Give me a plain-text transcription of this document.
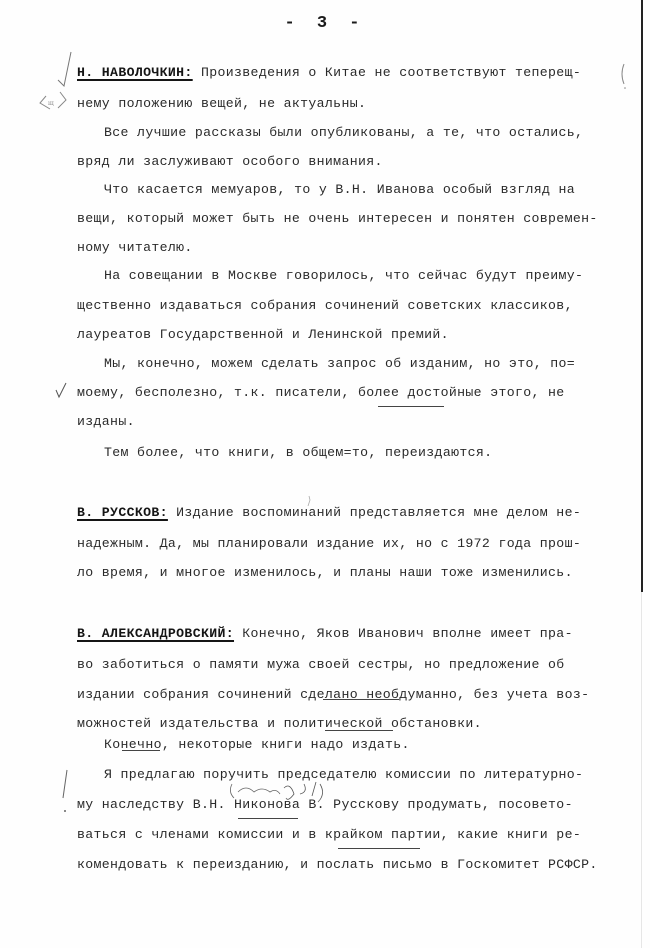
- 3 -
Н. НАВОЛОЧКИН: Произведения о Китае не соответствуют теперещ-
нему положению вещей, не актуальны.
Все лучшие рассказы были опубликованы, а те, что остались,
вряд ли заслуживают особого внимания.
Что касается мемуаров, то у В.Н. Иванова особый взгляд на
вещи, который может быть не очень интересен и понятен современ-
ному читателю.
На совещании в Москве говорилось, что сейчас будут преиму-
щественно издаваться собрания сочинений советских классиков,
лауреатов Государственной и Ленинской премий.
Мы, конечно, можем сделать запрос об изданим, но это, по=
моему, бесполезно, т.к. писатели, более достойные этого, не
изданы.
Тем более, что книги, в общем=то, переиздаются.
В. РУССКОВ: Издание воспоминаний представляется мне делом не-
надежным. Да, мы планировали издание их, но с 1972 года прош-
ло время, и многое изменилось, и планы наши тоже изменились.
В. АЛЕКСАНДРОВСКИЙ: Конечно, Яков Иванович вполне имеет пра-
во заботиться о памяти мужа своей сестры, но предложение об
издании собрания сочинений сделано необдуманно, без учета воз-
можностей издательства и политической обстановки.
Конечно, некоторые книги надо издать.
Я предлагаю поручить председателю комиссии по литературно-
му наследству В.Н. Никонова В. Русскову продумать, посовето-
ваться с членами комиссии и в крайком партии, какие книги ре-
комендовать к переизданию, и послать письмо в Госкомитет РСФСР.
ıц
